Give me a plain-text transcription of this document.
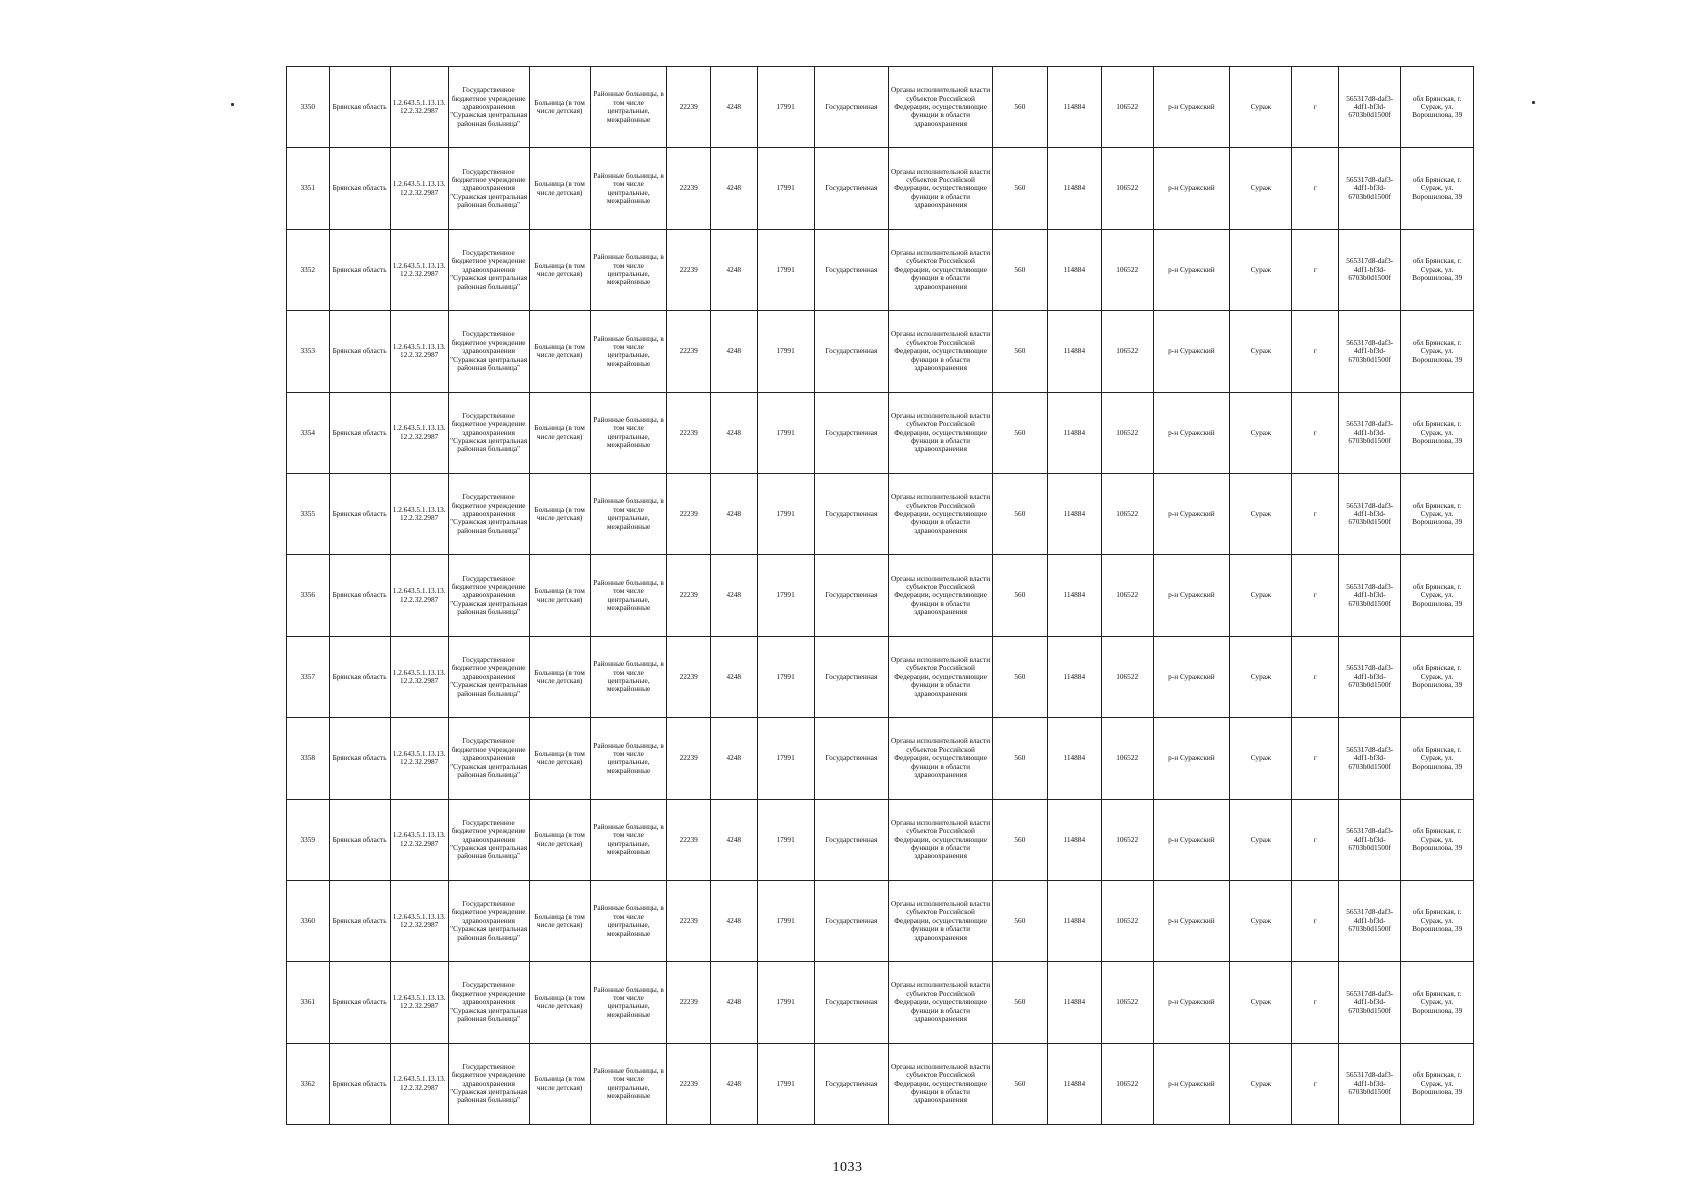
3350	Брянская область	1.2.643.5.1.13.13.12.2.32.2987	Государственное бюджетное учреждение здравоохранения "Суражская центральная районная больница"	Больница (в том числе детская)	Районные больницы, в том числе центральные, межрайонные	22239	4248	17991	Государственная	Органы исполнительной власти субъектов Российской Федерации, осуществляющие функции в области здравоохранения	560	114884	106522	р-н Суражский	Сураж	г	565317d8-daf3-4df1-bf3d-6703b0d1500f	обл Брянская, г. Сураж, ул. Ворошилова, 39
3351	Брянская область	1.2.643.5.1.13.13.12.2.32.2987	Государственное бюджетное учреждение здравоохранения "Суражская центральная районная больница"	Больница (в том числе детская)	Районные больницы, в том числе центральные, межрайонные	22239	4248	17991	Государственная	Органы исполнительной власти субъектов Российской Федерации, осуществляющие функции в области здравоохранения	560	114884	106522	р-н Суражский	Сураж	г	565317d8-daf3-4df1-bf3d-6703b0d1500f	обл Брянская, г. Сураж, ул. Ворошилова, 39
3352	Брянская область	1.2.643.5.1.13.13.12.2.32.2987	Государственное бюджетное учреждение здравоохранения "Суражская центральная районная больница"	Больница (в том числе детская)	Районные больницы, в том числе центральные, межрайонные	22239	4248	17991	Государственная	Органы исполнительной власти субъектов Российской Федерации, осуществляющие функции в области здравоохранения	560	114884	106522	р-н Суражский	Сураж	г	565317d8-daf3-4df1-bf3d-6703b0d1500f	обл Брянская, г. Сураж, ул. Ворошилова, 39
3353	Брянская область	1.2.643.5.1.13.13.12.2.32.2987	Государственное бюджетное учреждение здравоохранения "Суражская центральная районная больница"	Больница (в том числе детская)	Районные больницы, в том числе центральные, межрайонные	22239	4248	17991	Государственная	Органы исполнительной власти субъектов Российской Федерации, осуществляющие функции в области здравоохранения	560	114884	106522	р-н Суражский	Сураж	г	565317d8-daf3-4df1-bf3d-6703b0d1500f	обл Брянская, г. Сураж, ул. Ворошилова, 39
3354	Брянская область	1.2.643.5.1.13.13.12.2.32.2987	Государственное бюджетное учреждение здравоохранения "Суражская центральная районная больница"	Больница (в том числе детская)	Районные больницы, в том числе центральные, межрайонные	22239	4248	17991	Государственная	Органы исполнительной власти субъектов Российской Федерации, осуществляющие функции в области здравоохранения	560	114884	106522	р-н Суражский	Сураж	г	565317d8-daf3-4df1-bf3d-6703b0d1500f	обл Брянская, г. Сураж, ул. Ворошилова, 39
3355	Брянская область	1.2.643.5.1.13.13.12.2.32.2987	Государственное бюджетное учреждение здравоохранения "Суражская центральная районная больница"	Больница (в том числе детская)	Районные больницы, в том числе центральные, межрайонные	22239	4248	17991	Государственная	Органы исполнительной власти субъектов Российской Федерации, осуществляющие функции в области здравоохранения	560	114884	106522	р-н Суражский	Сураж	г	565317d8-daf3-4df1-bf3d-6703b0d1500f	обл Брянская, г. Сураж, ул. Ворошилова, 39
3356	Брянская область	1.2.643.5.1.13.13.12.2.32.2987	Государственное бюджетное учреждение здравоохранения "Суражская центральная районная больница"	Больница (в том числе детская)	Районные больницы, в том числе центральные, межрайонные	22239	4248	17991	Государственная	Органы исполнительной власти субъектов Российской Федерации, осуществляющие функции в области здравоохранения	560	114884	106522	р-н Суражский	Сураж	г	565317d8-daf3-4df1-bf3d-6703b0d1500f	обл Брянская, г. Сураж, ул. Ворошилова, 39
3357	Брянская область	1.2.643.5.1.13.13.12.2.32.2987	Государственное бюджетное учреждение здравоохранения "Суражская центральная районная больница"	Больница (в том числе детская)	Районные больницы, в том числе центральные, межрайонные	22239	4248	17991	Государственная	Органы исполнительной власти субъектов Российской Федерации, осуществляющие функции в области здравоохранения	560	114884	106522	р-н Суражский	Сураж	г	565317d8-daf3-4df1-bf3d-6703b0d1500f	обл Брянская, г. Сураж, ул. Ворошилова, 39
3358	Брянская область	1.2.643.5.1.13.13.12.2.32.2987	Государственное бюджетное учреждение здравоохранения "Суражская центральная районная больница"	Больница (в том числе детская)	Районные больницы, в том числе центральные, межрайонные	22239	4248	17991	Государственная	Органы исполнительной власти субъектов Российской Федерации, осуществляющие функции в области здравоохранения	560	114884	106522	р-н Суражский	Сураж	г	565317d8-daf3-4df1-bf3d-6703b0d1500f	обл Брянская, г. Сураж, ул. Ворошилова, 39
3359	Брянская область	1.2.643.5.1.13.13.12.2.32.2987	Государственное бюджетное учреждение здравоохранения "Суражская центральная районная больница"	Больница (в том числе детская)	Районные больницы, в том числе центральные, межрайонные	22239	4248	17991	Государственная	Органы исполнительной власти субъектов Российской Федерации, осуществляющие функции в области здравоохранения	560	114884	106522	р-н Суражский	Сураж	г	565317d8-daf3-4df1-bf3d-6703b0d1500f	обл Брянская, г. Сураж, ул. Ворошилова, 39
3360	Брянская область	1.2.643.5.1.13.13.12.2.32.2987	Государственное бюджетное учреждение здравоохранения "Суражская центральная районная больница"	Больница (в том числе детская)	Районные больницы, в том числе центральные, межрайонные	22239	4248	17991	Государственная	Органы исполнительной власти субъектов Российской Федерации, осуществляющие функции в области здравоохранения	560	114884	106522	р-н Суражский	Сураж	г	565317d8-daf3-4df1-bf3d-6703b0d1500f	обл Брянская, г. Сураж, ул. Ворошилова, 39
3361	Брянская область	1.2.643.5.1.13.13.12.2.32.2987	Государственное бюджетное учреждение здравоохранения "Суражская центральная районная больница"	Больница (в том числе детская)	Районные больницы, в том числе центральные, межрайонные	22239	4248	17991	Государственная	Органы исполнительной власти субъектов Российской Федерации, осуществляющие функции в области здравоохранения	560	114884	106522	р-н Суражский	Сураж	г	565317d8-daf3-4df1-bf3d-6703b0d1500f	обл Брянская, г. Сураж, ул. Ворошилова, 39
3362	Брянская область	1.2.643.5.1.13.13.12.2.32.2987	Государственное бюджетное учреждение здравоохранения "Суражская центральная районная больница"	Больница (в том числе детская)	Районные больницы, в том числе центральные, межрайонные	22239	4248	17991	Государственная	Органы исполнительной власти субъектов Российской Федерации, осуществляющие функции в области здравоохранения	560	114884	106522	р-н Суражский	Сураж	г	565317d8-daf3-4df1-bf3d-6703b0d1500f	обл Брянская, г. Сураж, ул. Ворошилова, 39
1033
